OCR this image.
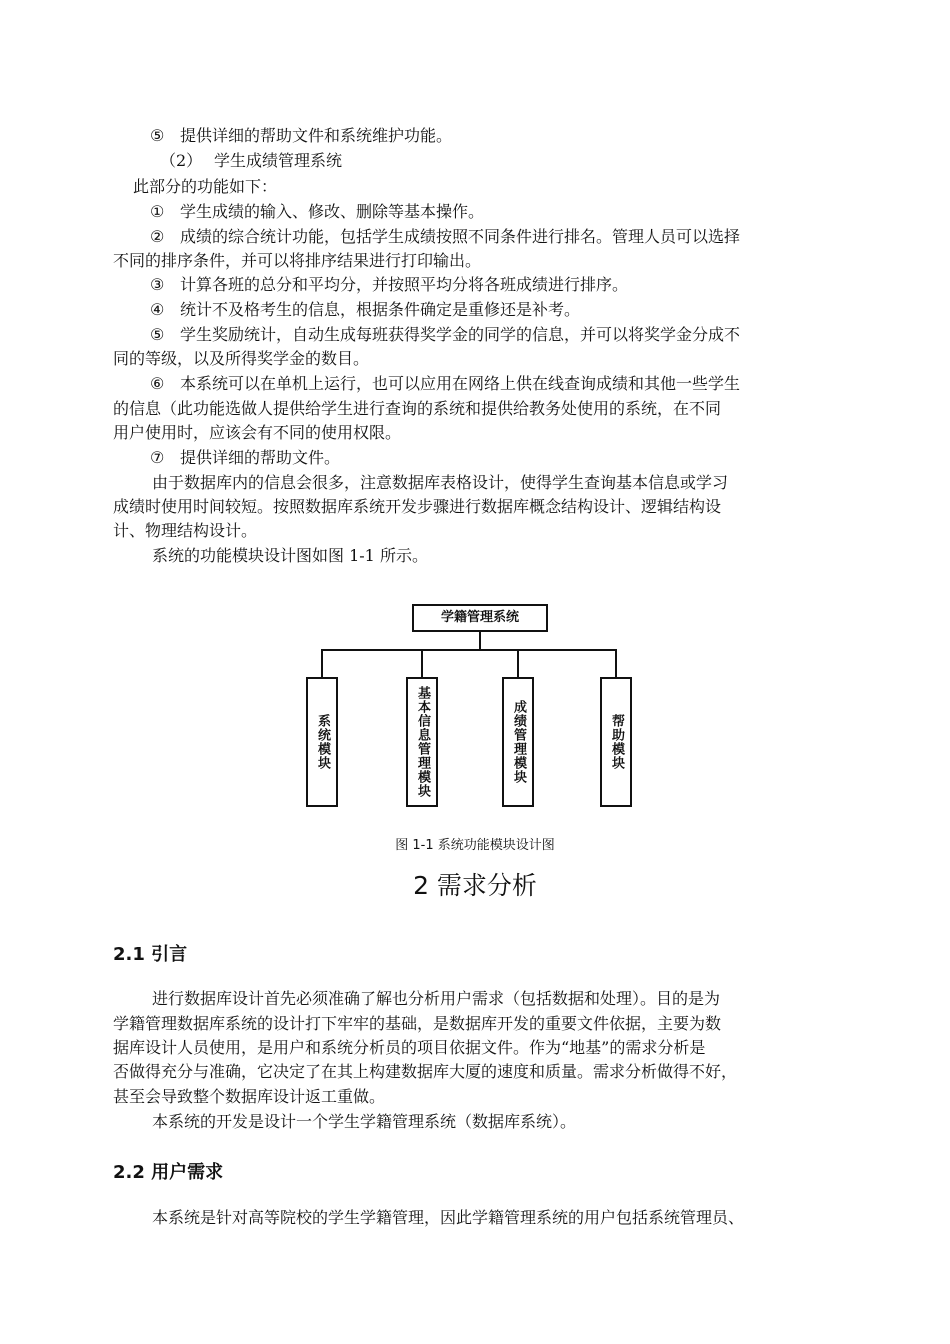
⑤ 提供详细的帮助文件和系统维护功能。
（2） 学生成绩管理系统
此部分的功能如下：
① 学生成绩的输入、修改、删除等基本操作。
② 成绩的综合统计功能，包括学生成绩按照不同条件进行排名。管理人员可以选择
不同的排序条件，并可以将排序结果进行打印输出。
③ 计算各班的总分和平均分，并按照平均分将各班成绩进行排序。
④ 统计不及格考生的信息，根据条件确定是重修还是补考。
⑤ 学生奖励统计，自动生成每班获得奖学金的同学的信息，并可以将奖学金分成不
同的等级，以及所得奖学金的数目。
⑥ 本系统可以在单机上运行，也可以应用在网络上供在线查询成绩和其他一些学生
的信息（此功能选做人提供给学生进行查询的系统和提供给教务处使用的系统，在不同
用户使用时，应该会有不同的使用权限。
⑦ 提供详细的帮助文件。
由于数据库内的信息会很多，注意数据库表格设计，使得学生查询基本信息或学习
成绩时使用时间较短。按照数据库系统开发步骤进行数据库概念结构设计、逻辑结构设
计、物理结构设计。
系统的功能模块设计图如图 1-1 所示。
学籍管理系统
系统模块	基本信息管理模块	成绩管理模块	帮助模块
图 1-1 系统功能模块设计图
2 需求分析
2.1 引言
进行数据库设计首先必须准确了解也分析用户需求（包括数据和处理）。目的是为
学籍管理数据库系统的设计打下牢牢的基础，是数据库开发的重要文件依据，主要为数
据库设计人员使用，是用户和系统分析员的项目依据文件。作为“地基”的需求分析是
否做得充分与准确，它决定了在其上构建数据库大厦的速度和质量。需求分析做得不好，
甚至会导致整个数据库设计返工重做。
本系统的开发是设计一个学生学籍管理系统（数据库系统）。
2.2 用户需求
本系统是针对高等院校的学生学籍管理，因此学籍管理系统的用户包括系统管理员、
